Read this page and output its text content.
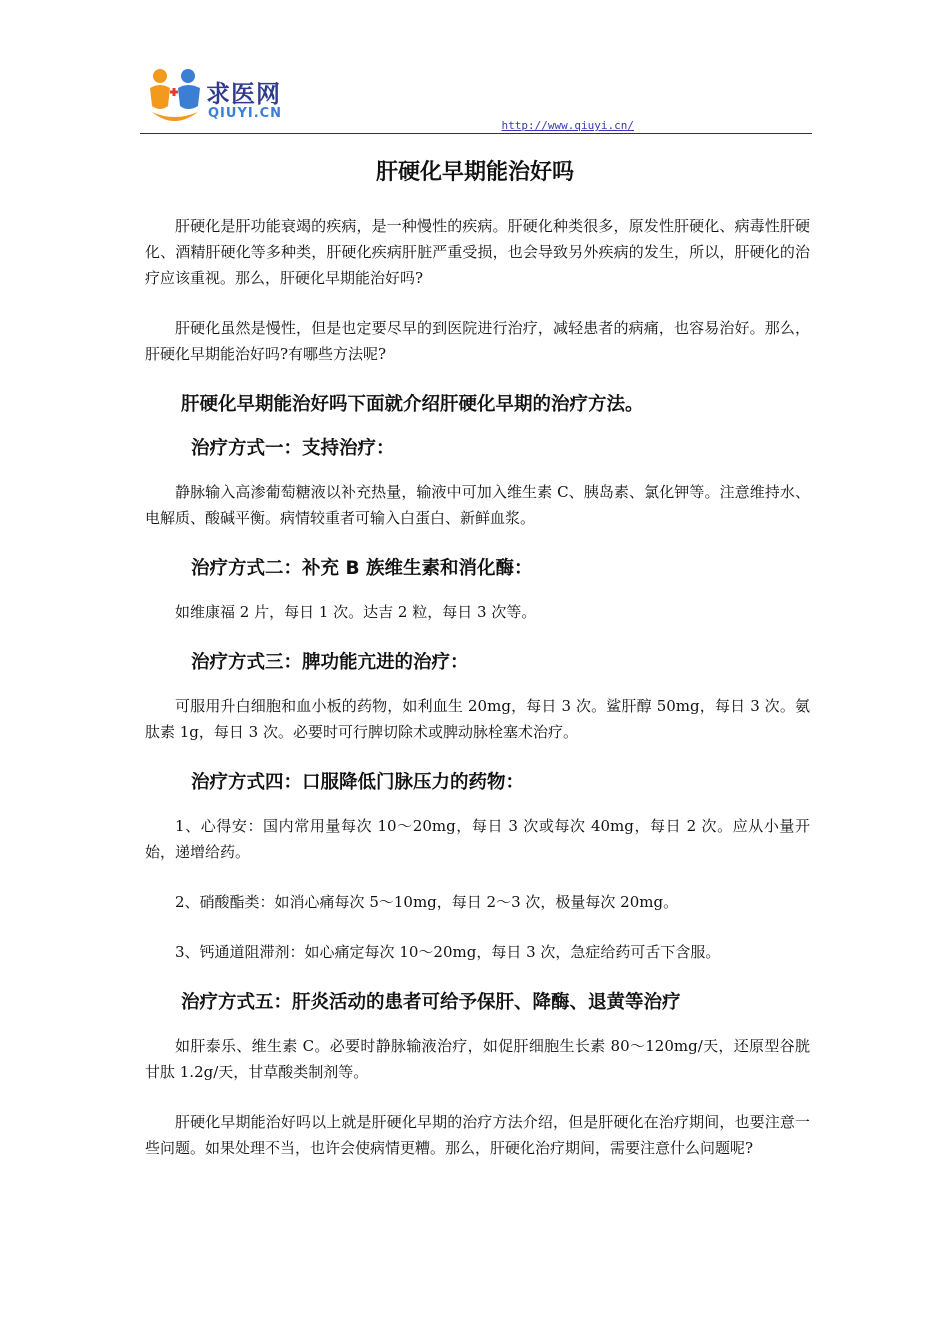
求医网
QIUYI.CN
http://www.qiuyi.cn/
肝硬化早期能治好吗

肝硬化是肝功能衰竭的疾病，是一种慢性的疾病。肝硬化种类很多，原发性肝硬化、病毒性肝硬化、酒精肝硬化等多种类，肝硬化疾病肝脏严重受损，也会导致另外疾病的发生，所以，肝硬化的治疗应该重视。那么，肝硬化早期能治好吗?

肝硬化虽然是慢性，但是也定要尽早的到医院进行治疗，减轻患者的病痛，也容易治好。那么，肝硬化早期能治好吗?有哪些方法呢?

肝硬化早期能治好吗下面就介绍肝硬化早期的治疗方法。
治疗方式一：支持治疗：

静脉输入高渗葡萄糖液以补充热量，输液中可加入维生素 C、胰岛素、氯化钾等。注意维持水、电解质、酸碱平衡。病情较重者可输入白蛋白、新鲜血浆。

治疗方式二：补充 B 族维生素和消化酶：

如维康福 2 片，每日 1 次。达吉 2 粒，每日 3 次等。

治疗方式三：脾功能亢进的治疗：

可服用升白细胞和血小板的药物，如利血生 20mg，每日 3 次。鲨肝醇 50mg，每日 3 次。氨肽素 1g，每日 3 次。必要时可行脾切除术或脾动脉栓塞术治疗。

治疗方式四：口服降低门脉压力的药物：

1、心得安：国内常用量每次 10～20mg，每日 3 次或每次 40mg，每日 2 次。应从小量开始，递增给药。

2、硝酸酯类：如消心痛每次 5～10mg，每日 2～3 次，极量每次 20mg。

3、钙通道阻滞剂：如心痛定每次 10～20mg，每日 3 次，急症给药可舌下含服。

治疗方式五：肝炎活动的患者可给予保肝、降酶、退黄等治疗

如肝泰乐、维生素 C。必要时静脉输液治疗，如促肝细胞生长素 80～120mg/天，还原型谷胱甘肽 1.2g/天，甘草酸类制剂等。

肝硬化早期能治好吗以上就是肝硬化早期的治疗方法介绍，但是肝硬化在治疗期间，也要注意一些问题。如果处理不当，也许会使病情更糟。那么，肝硬化治疗期间，需要注意什么问题呢?
